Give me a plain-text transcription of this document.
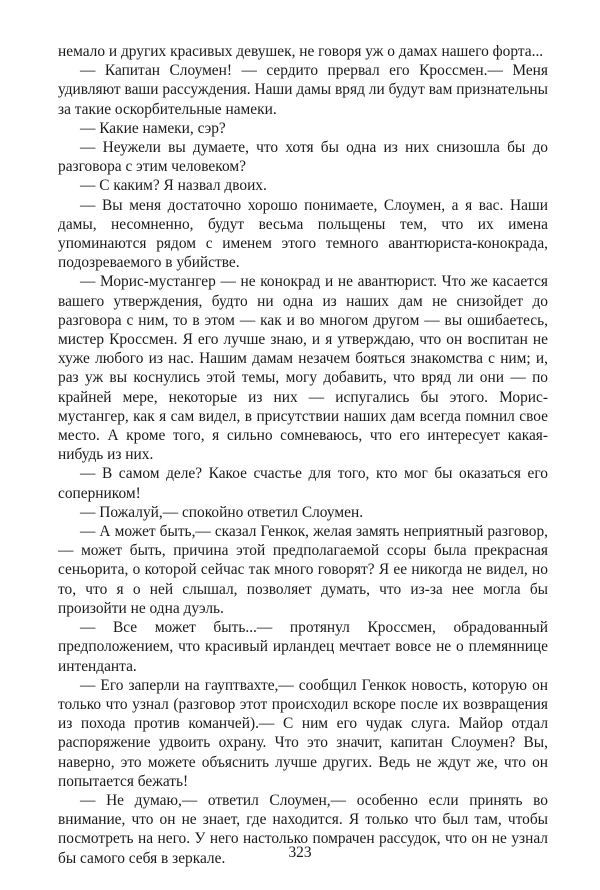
немало и других красивых девушек, не говоря уж о дамах нашего форта...

— Капитан Слоумен! — сердито прервал его Кроссмен.— Меня удивляют ваши рассуждения. Наши дамы вряд ли будут вам признательны за такие оскорбительные намеки.

— Какие намеки, сэр?

— Неужели вы думаете, что хотя бы одна из них снизошла бы до разговора с этим человеком?

— С каким? Я назвал двоих.

— Вы меня достаточно хорошо понимаете, Слоумен, а я вас. Наши дамы, несомненно, будут весьма польщены тем, что их имена упоминаются рядом с именем этого темного авантюриста-конокрада, подозреваемого в убийстве.

— Морис-мустангер — не конокрад и не авантюрист. Что же касается вашего утверждения, будто ни одна из наших дам не снизойдет до разговора с ним, то в этом — как и во многом другом — вы ошибаетесь, мистер Кроссмен. Я его лучше знаю, и я утверждаю, что он воспитан не хуже любого из нас. Нашим дамам незачем бояться знакомства с ним; и, раз уж вы коснулись этой темы, могу добавить, что вряд ли они — по крайней мере, некоторые из них — испугались бы этого. Морис-мустангер, как я сам видел, в присутствии наших дам всегда помнил свое место. А кроме того, я сильно сомневаюсь, что его интересует какая-нибудь из них.

— В самом деле? Какое счастье для того, кто мог бы оказаться его соперником!

— Пожалуй,— спокойно ответил Слоумен.

— А может быть,— сказал Генкок, желая замять неприятный разговор,— может быть, причина этой предполагаемой ссоры была прекрасная сеньорита, о которой сейчас так много говорят? Я ее никогда не видел, но то, что я о ней слышал, позволяет думать, что из-за нее могла бы произойти не одна дуэль.

— Все может быть...— протянул Кроссмен, обрадованный предположением, что красивый ирландец мечтает вовсе не о племяннице интенданта.

— Его заперли на гауптвахте,— сообщил Генкок новость, которую он только что узнал (разговор этот происходил вскоре после их возвращения из похода против команчей).— С ним его чудак слуга. Майор отдал распоряжение удвоить охрану. Что это значит, капитан Слоумен? Вы, наверно, это можете объяснить лучше других. Ведь не ждут же, что он попытается бежать!

— Не думаю,— ответил Слоумен,— особенно если принять во внимание, что он не знает, где находится. Я только что был там, чтобы посмотреть на него. У него настолько помрачен рассудок, что он не узнал бы самого себя в зеркале.	323
